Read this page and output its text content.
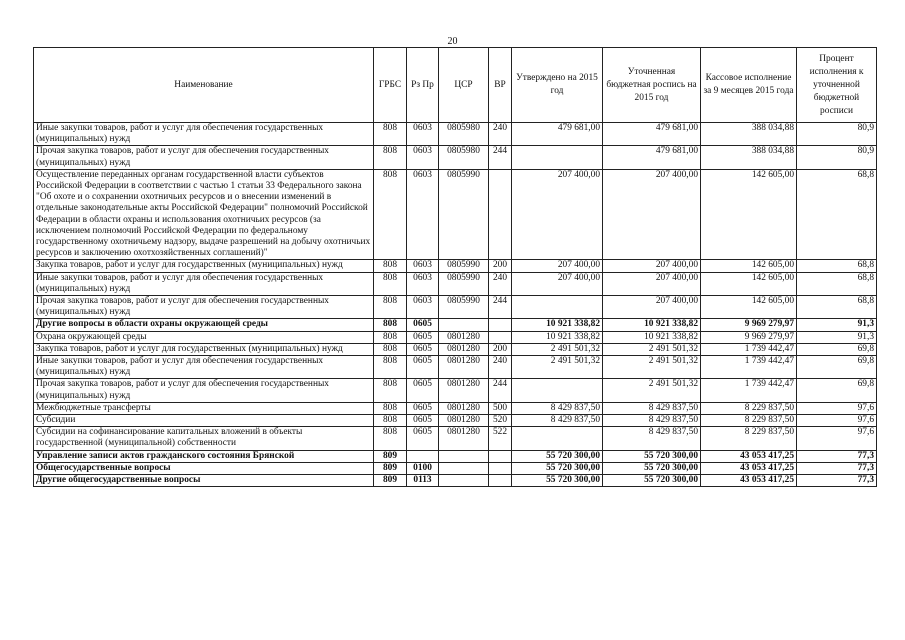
20
Наименование	ГРБС	Рз Пр	ЦСР	ВР	Утверждено на 2015 год	Уточненная бюджетная роспись на 2015 год	Кассовое исполнение за 9 месяцев 2015 года	Процент исполнения к уточненной бюджетной росписи
Иные закупки товаров, работ и услуг для обеспечения государственных (муниципальных) нужд	808	0603	0805980	240	479 681,00	479 681,00	388 034,88	80,9
Прочая закупка товаров, работ и услуг для обеспечения государственных (муниципальных) нужд	808	0603	0805980	244		479 681,00	388 034,88	80,9
Осуществление переданных органам государственной власти субъектов Российской Федерации в соответствии с частью 1 статьи 33 Федерального закона "Об охоте и о сохранении охотничьих ресурсов и о внесении изменений в отдельные законодательные акты Российской Федерации" полномочий Российской Федерации в области охраны и использования охотничьих ресурсов (за исключением полномочий Российской Федерации по федеральному государственному охотничьему надзору, выдаче разрешений на добычу охотничьих ресурсов и заключению охотхозяйственных соглашений)"	808	0603	0805990		207 400,00	207 400,00	142 605,00	68,8
Закупка товаров, работ и услуг для государственных (муниципальных) нужд	808	0603	0805990	200	207 400,00	207 400,00	142 605,00	68,8
Иные закупки товаров, работ и услуг для обеспечения государственных (муниципальных) нужд	808	0603	0805990	240	207 400,00	207 400,00	142 605,00	68,8
Прочая закупка товаров, работ и услуг для обеспечения государственных (муниципальных) нужд	808	0603	0805990	244		207 400,00	142 605,00	68,8
Другие вопросы в области охраны окружающей среды	808	0605			10 921 338,82	10 921 338,82	9 969 279,97	91,3
Охрана окружающей среды	808	0605	0801280		10 921 338,82	10 921 338,82	9 969 279,97	91,3
Закупка товаров, работ и услуг для государственных (муниципальных) нужд	808	0605	0801280	200	2 491 501,32	2 491 501,32	1 739 442,47	69,8
Иные закупки товаров, работ и услуг для обеспечения государственных (муниципальных) нужд	808	0605	0801280	240	2 491 501,32	2 491 501,32	1 739 442,47	69,8
Прочая закупка товаров, работ и услуг для обеспечения государственных (муниципальных) нужд	808	0605	0801280	244		2 491 501,32	1 739 442,47	69,8
Межбюджетные трансферты	808	0605	0801280	500	8 429 837,50	8 429 837,50	8 229 837,50	97,6
Субсидии	808	0605	0801280	520	8 429 837,50	8 429 837,50	8 229 837,50	97,6
Субсидии на софинансирование капитальных вложений в объекты государственной (муниципальной) собственности	808	0605	0801280	522		8 429 837,50	8 229 837,50	97,6
Управление записи актов гражданского состояния Брянской	809				55 720 300,00	55 720 300,00	43 053 417,25	77,3
Общегосударственные вопросы	809	0100			55 720 300,00	55 720 300,00	43 053 417,25	77,3
Другие общегосударственные вопросы	809	0113			55 720 300,00	55 720 300,00	43 053 417,25	77,3
